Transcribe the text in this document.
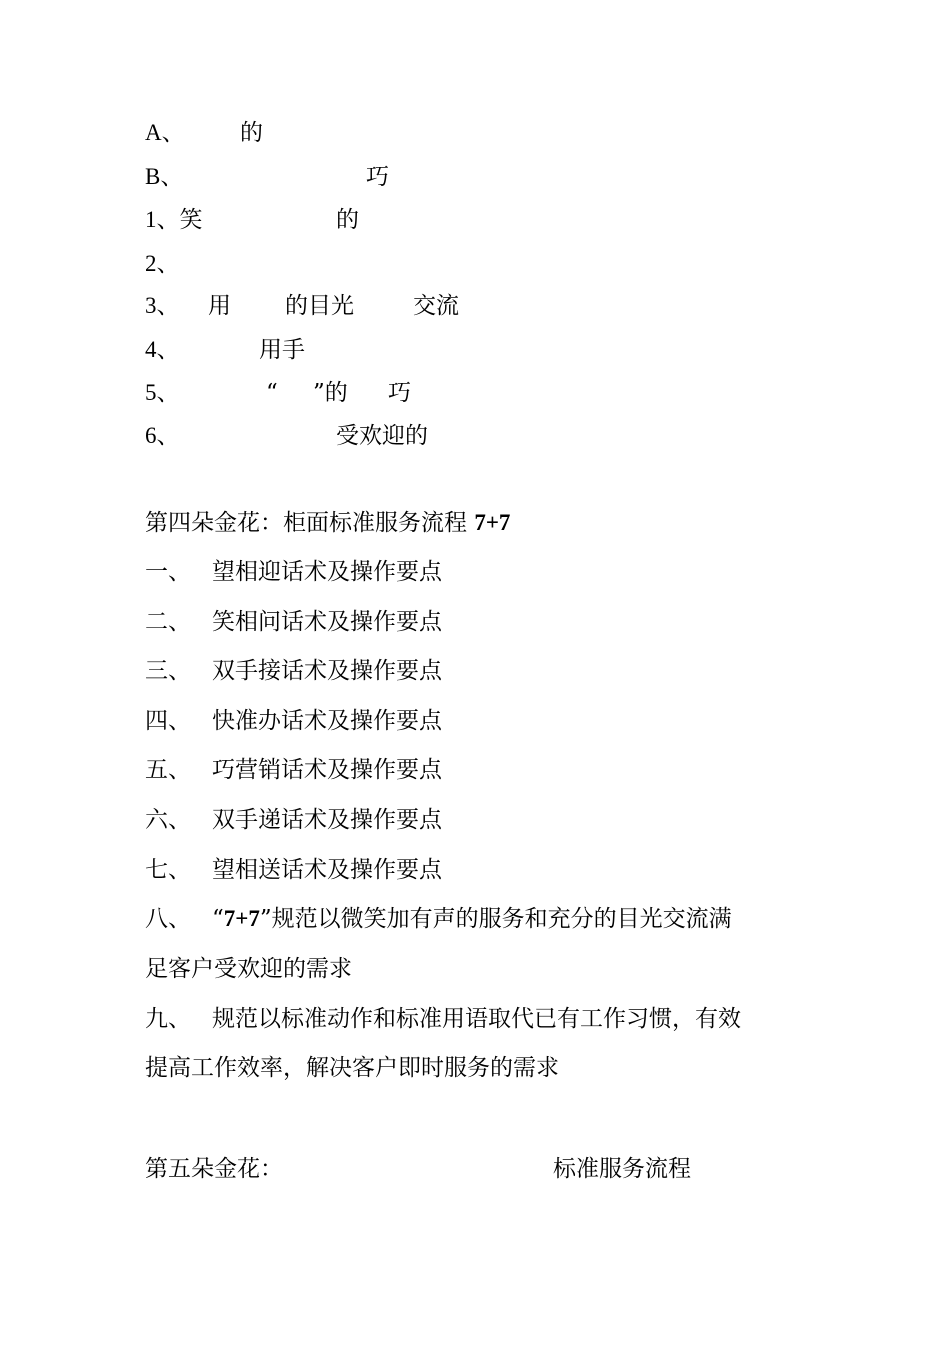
A、

的

B、

	巧

1、笑

	的

2、

3、

用

的目光

	交流

4、

	用手

5、

	“

”的

巧

6、

	受欢迎的

第四朵金花：柜面标准服务流程 7+7

一、

望相迎话术及操作要点

二、

笑相问话术及操作要点

三、

双手接话术及操作要点

四、

快准办话术及操作要点

五、

巧营销话术及操作要点

六、

双手递话术及操作要点

七、

望相送话术及操作要点

八、

“7+7”规范以微笑加有声的服务和充分的目光交流满

足客户受欢迎的需求

九、

规范以标准动作和标准用语取代已有工作习惯，有效

提高工作效率，解决客户即时服务的需求

第五朵金花：

	标准服务流程
